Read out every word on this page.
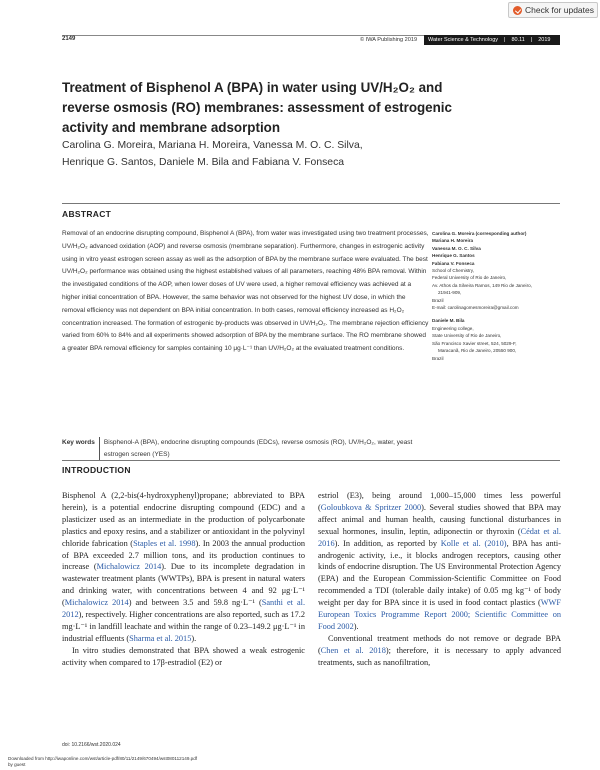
Check for updates
2149	© IWA Publishing 2019 Water Science & Technology | 80.11 | 2019
Treatment of Bisphenol A (BPA) in water using UV/H₂O₂ and reverse osmosis (RO) membranes: assessment of estrogenic activity and membrane adsorption
Carolina G. Moreira, Mariana H. Moreira, Vanessa M. O. C. Silva,
Henrique G. Santos, Daniele M. Bila and Fabiana V. Fonseca
ABSTRACT
Removal of an endocrine disrupting compound, Bisphenol A (BPA), from water was investigated using two treatment processes, UV/H₂O₂ advanced oxidation (AOP) and reverse osmosis (membrane separation). Furthermore, changes in estrogenic activity using in vitro yeast estrogen screen assay as well as the adsorption of BPA by the membrane surface were evaluated. The best UV/H₂O₂ performance was obtained using the highest established values of all parameters, reaching 48% BPA removal. Within the investigated conditions of the AOP, when lower doses of UV were used, a higher removal efficiency was achieved at a higher initial concentration of BPA. However, the same behavior was not observed for the highest UV dose, in which the removal efficiency was not dependent on BPA initial concentration. In both cases, removal efficiency increased as H₂O₂ concentration increased. The formation of estrogenic by-products was observed in UV/H₂O₂. The membrane rejection efficiency varied from 60% to 84% and all experiments showed adsorption of BPA by the membrane surface. The RO membrane showed a greater BPA removal efficiency for samples containing 10 μg·L⁻¹ than UV/H₂O₂ at the evaluated treatment conditions.
Key words	Bisphenol-A (BPA), endocrine disrupting compounds (EDCs), reverse osmosis (RO), UV/H₂O₂, water, yeast estrogen screen (YES)
Carolina G. Moreira (corresponding author)
Mariana H. Moreira
Vanessa M. O. C. Silva
Henrique G. Santos
Fabiana V. Fonseca
School of Chemistry,
Federal University of Rio de Janeiro,
Av. Athos da Silveira Ramos, 149 Rio de Janeiro,
21941-909,
Brazil
E-mail: carolinagomesmoreira@gmail.com
Daniele M. Bila
Engineering college,
State University of Rio de Janeiro,
São Francisco Xavier street, 524, 5029-F,
Maracanã, Rio de Janeiro, 20550 900,
Brazil
INTRODUCTION

Bisphenol A (2,2-bis(4-hydroxyphenyl)propane; abbreviated to BPA herein), is a potential endocrine disrupting compound (EDC) and a plasticizer used as an intermediate in the production of polycarbonate plastics and epoxy resins, and a stabilizer or antioxidant in the polyvinyl chloride fabrication (Staples et al. 1998). In 2003 the annual production of BPA exceeded 2.7 million tons, and its production continues to increase (Michalowicz 2014). Due to its incomplete degradation in wastewater treatment plants (WWTPs), BPA is present in natural waters and drinking water, with concentrations between 4 and 92 μg·L⁻¹ (Michalowicz 2014) and between 3.5 and 59.8 ng·L⁻¹ (Santhi et al. 2012), respectively. Higher concentrations are also reported, such as 17.2 mg·L⁻¹ in landfill leachate and within the range of 0.23–149.2 μg·L⁻¹ in industrial effluents (Sharma et al. 2015).

In vitro studies demonstrated that BPA showed a weak estrogenic activity when compared to 17β-estradiol (E2) or

estriol (E3), being around 1,000–15,000 times less powerful (Goloubkova & Spritzer 2000). Several studies showed that BPA may affect animal and human health, causing functional disturbances in sexual hormones, insulin, leptin, adiponectin or thyroxin (Cédat et al. 2016). In addition, as reported by Kolle et al. (2010), BPA has anti-androgenic activity, i.e., it blocks androgen receptors, causing other kinds of endocrine disruption. The US Environmental Protection Agency (EPA) and the European Commission-Scientific Committee on Food recommended a TDI (tolerable daily intake) of 0.05 mg kg⁻¹ of body weight per day for BPA since it is used in food contact plastics (WWF European Toxics Programme Report 2000; Scientific Committee on Food 2002).

Conventional treatment methods do not remove or degrade BPA (Chen et al. 2018); therefore, it is necessary to apply advanced treatments, such as nanofiltration,

doi: 10.2166/wst.2020.024
Downloaded from http://iwaponline.com/wst/article-pdf/80/11/2149/670494/wst080112149.pdf
by guest
